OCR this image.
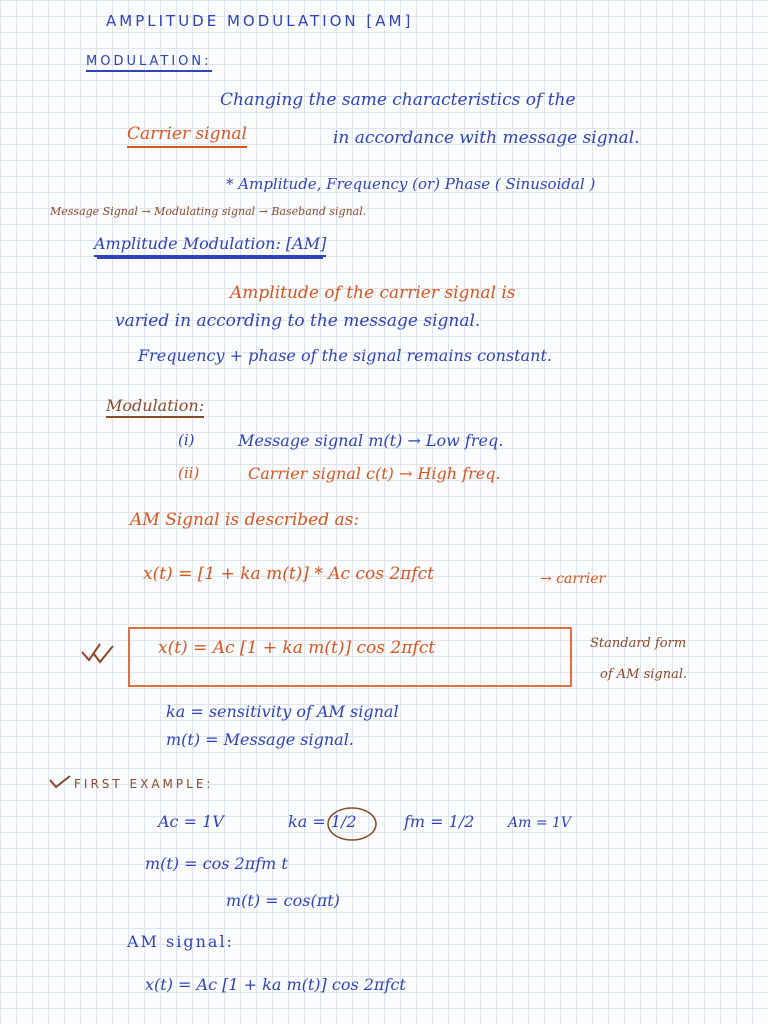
AMPLITUDE MODULATION [AM]
MODULATION:
Changing the same characteristics of the
Carrier signal	in accordance with message signal.
* Amplitude, Frequency (or) Phase ( Sinusoidal )
Message Signal → Modulating signal → Baseband signal.
Amplitude Modulation: [AM]
Amplitude of the carrier signal is
varied in according to the message signal.
Frequency + phase of the signal remains constant.
Modulation:
(i)	Message signal m(t) → Low freq.
(ii)	Carrier signal c(t) → High freq.
AM Signal is described as:
x(t) = [1 + ka m(t)] * Ac cos 2πfct	→ carrier
x(t) = Ac [1 + ka m(t)] cos 2πfct	Standard form
of AM signal.
ka = sensitivity of AM signal
m(t) = Message signal.
FIRST EXAMPLE:
Ac = 1V	ka = 1/2	fm = 1/2 Am = 1V
m(t) = cos 2πfm t
m(t) = cos(πt)
AM signal:
x(t) = Ac [1 + ka m(t)] cos 2πfct
